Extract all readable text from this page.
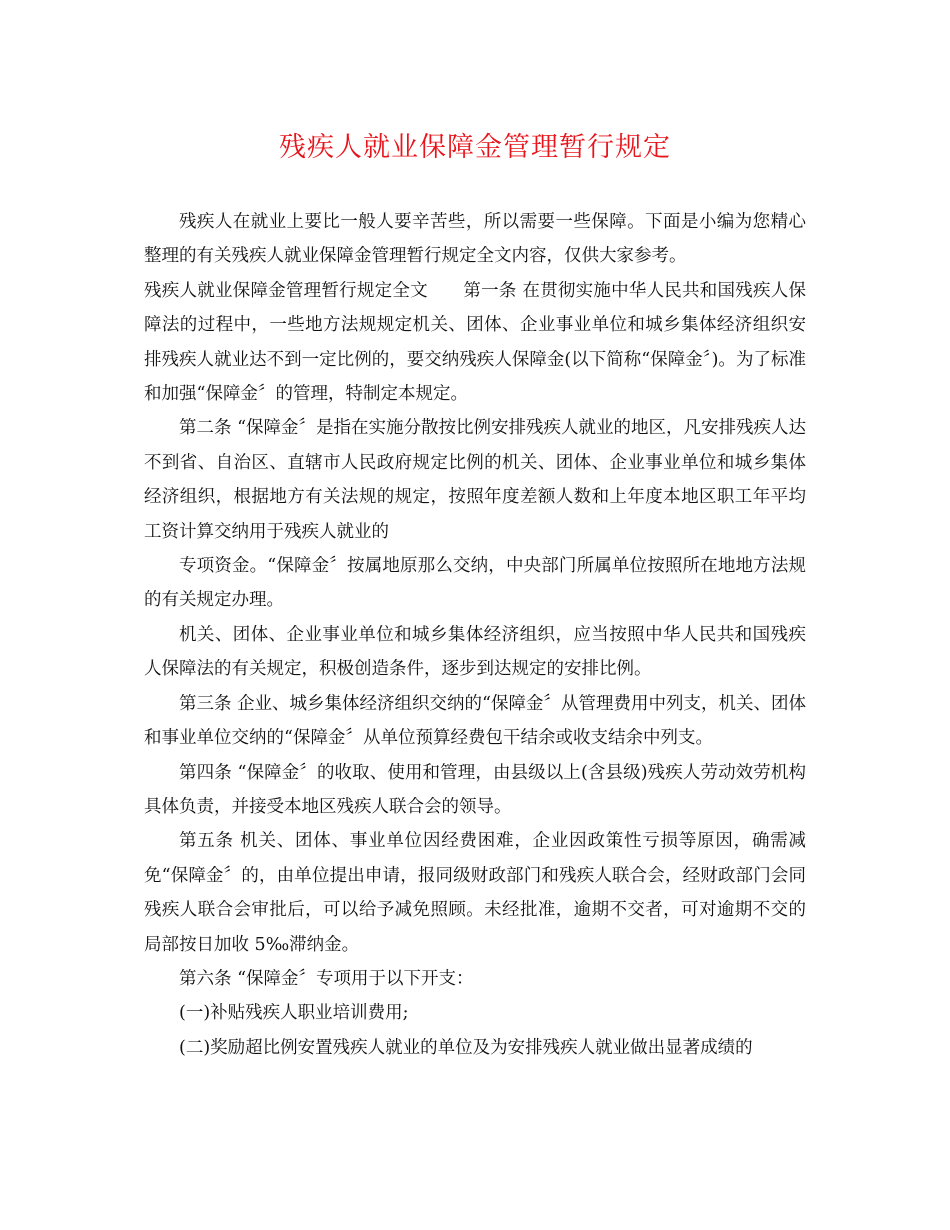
残疾人就业保障金管理暂行规定

残疾人在就业上要比一般人要辛苦些，所以需要一些保障。下面是小编为您精心整理的有关残疾人就业保障金管理暂行规定全文内容，仅供大家参考。

残疾人就业保障金管理暂行规定全文　　第一条 在贯彻实施中华人民共和国残疾人保障法的过程中，一些地方法规规定机关、团体、企业事业单位和城乡集体经济组织安排残疾人就业达不到一定比例的，要交纳残疾人保障金(以下简称“保障金〞)。为了标准和加强“保障金〞的管理，特制定本规定。

第二条 “保障金〞是指在实施分散按比例安排残疾人就业的地区，凡安排残疾人达不到省、自治区、直辖市人民政府规定比例的机关、团体、企业事业单位和城乡集体经济组织，根据地方有关法规的规定，按照年度差额人数和上年度本地区职工年平均工资计算交纳用于残疾人就业的

专项资金。“保障金〞按属地原那么交纳，中央部门所属单位按照所在地地方法规的有关规定办理。

机关、团体、企业事业单位和城乡集体经济组织，应当按照中华人民共和国残疾人保障法的有关规定，积极创造条件，逐步到达规定的安排比例。

第三条 企业、城乡集体经济组织交纳的“保障金〞从管理费用中列支，机关、团体和事业单位交纳的“保障金〞从单位预算经费包干结余或收支结余中列支。

第四条 “保障金〞的收取、使用和管理，由县级以上(含县级)残疾人劳动效劳机构具体负责，并接受本地区残疾人联合会的领导。

第五条 机关、团体、事业单位因经费困难，企业因政策性亏损等原因，确需减免“保障金〞的，由单位提出申请，报同级财政部门和残疾人联合会，经财政部门会同残疾人联合会审批后，可以给予减免照顾。未经批准，逾期不交者，可对逾期不交的局部按日加收 5‰滞纳金。

第六条 “保障金〞专项用于以下开支：

(一)补贴残疾人职业培训费用;

(二)奖励超比例安置残疾人就业的单位及为安排残疾人就业做出显著成绩的
